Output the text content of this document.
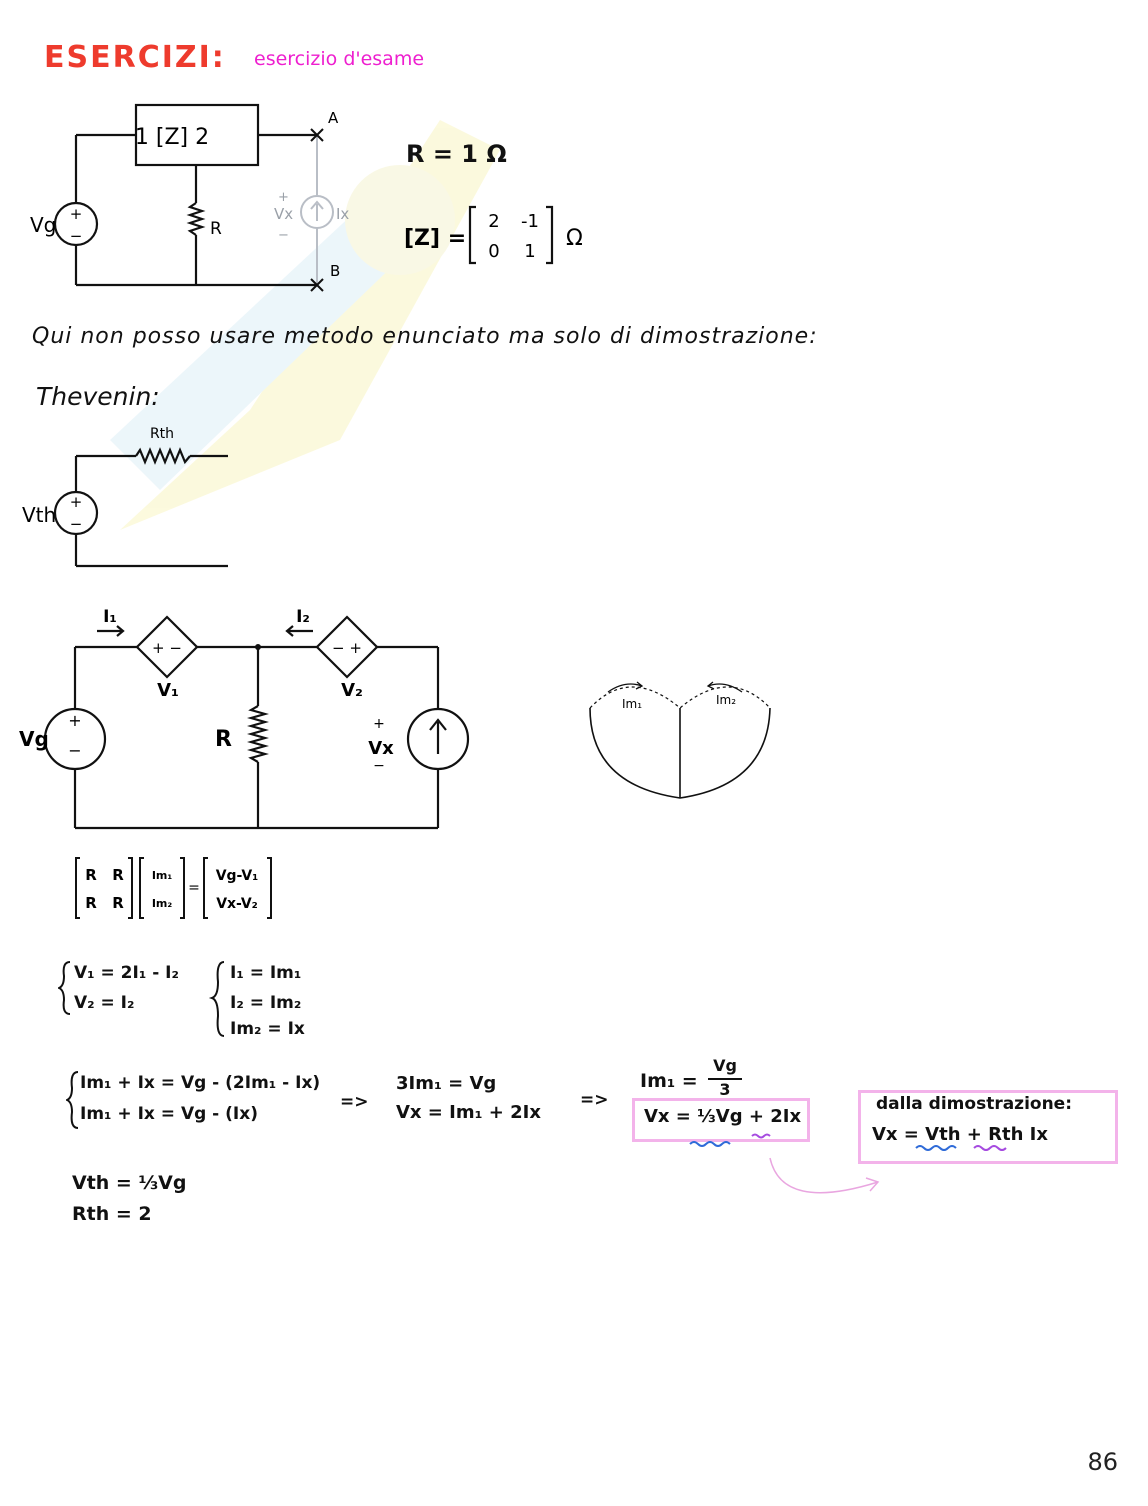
ESERCIZI: esercizio d'esame
1 [Z] 2
Vg +
−	R
A
B
+
Vx
−
Ix
R = 1 Ω
[Z] =
2 -1
0 1
Ω
Qui non posso usare metodo enunciato ma solo di dimostrazione:
Thevenin:
Rth
Vth
+
−
I₁	I₂
+ −	− +
V₁	V₂
Vg
+
−	R
+
Vx
−
Im₁	Im₂
R R
R R
Im₁
Im₂
=
Vg-V₁
Vx-V₂
V₁ = 2I₁ - I₂
V₂ = I₂
I₁ = Im₁
I₂ = Im₂
Im₂ = Ix
Im₁ + Ix = Vg - (2Im₁ - Ix)
Im₁ + Ix = Vg - (Ix)
=>
3Im₁ = Vg
Vx = Im₁ + 2Ix
=>
Im₁ =
Vg
3
Vx = ⅓Vg + 2Ix
dalla dimostrazione:
Vx = Vth + Rth Ix
Vth = ⅓Vg
Rth = 2
86
